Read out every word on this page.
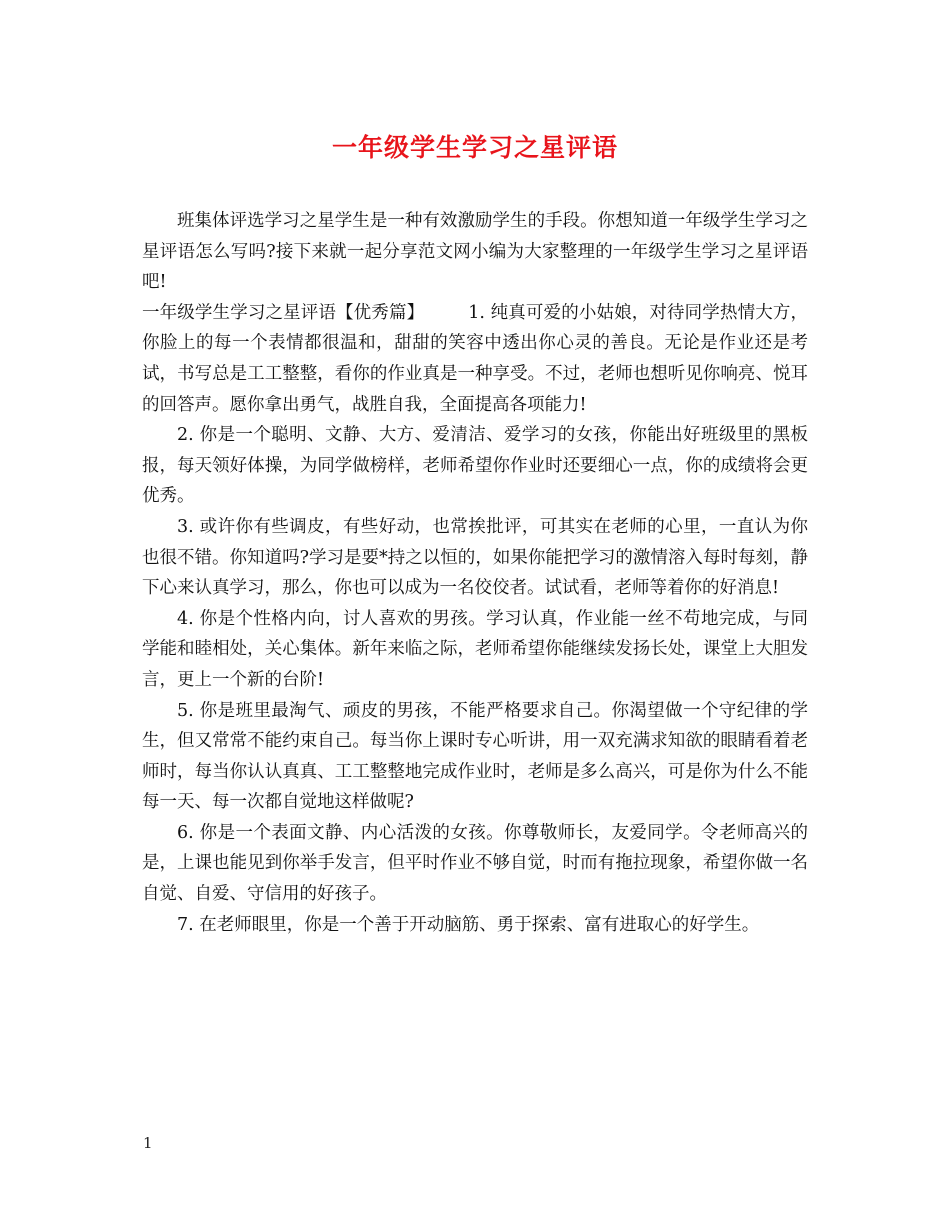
一年级学生学习之星评语

班集体评选学习之星学生是一种有效激励学生的手段。你想知道一年级学生学习之星评语怎么写吗?接下来就一起分享范文网小编为大家整理的一年级学生学习之星评语吧!

一年级学生学习之星评语【优秀篇】	1. 纯真可爱的小姑娘，对待同学热情大方，你脸上的每一个表情都很温和，甜甜的笑容中透出你心灵的善良。无论是作业还是考试，书写总是工工整整，看你的作业真是一种享受。不过，老师也想听见你响亮、悦耳的回答声。愿你拿出勇气，战胜自我，全面提高各项能力!

2. 你是一个聪明、文静、大方、爱清洁、爱学习的女孩，你能出好班级里的黑板报，每天领好体操，为同学做榜样，老师希望你作业时还要细心一点，你的成绩将会更优秀。

3. 或许你有些调皮，有些好动，也常挨批评，可其实在老师的心里，一直认为你也很不错。你知道吗?学习是要*持之以恒的，如果你能把学习的激情溶入每时每刻，静下心来认真学习，那么，你也可以成为一名佼佼者。试试看，老师等着你的好消息!

4. 你是个性格内向，讨人喜欢的男孩。学习认真，作业能一丝不苟地完成，与同学能和睦相处，关心集体。新年来临之际，老师希望你能继续发扬长处，课堂上大胆发言，更上一个新的台阶!

5. 你是班里最淘气、顽皮的男孩，不能严格要求自己。你渴望做一个守纪律的学生，但又常常不能约束自己。每当你上课时专心听讲，用一双充满求知欲的眼睛看着老师时，每当你认认真真、工工整整地完成作业时，老师是多么高兴，可是你为什么不能每一天、每一次都自觉地这样做呢?

6. 你是一个表面文静、内心活泼的女孩。你尊敬师长，友爱同学。令老师高兴的是，上课也能见到你举手发言，但平时作业不够自觉，时而有拖拉现象，希望你做一名自觉、自爱、守信用的好孩子。

7. 在老师眼里，你是一个善于开动脑筋、勇于探索、富有进取心的好学生。

1
